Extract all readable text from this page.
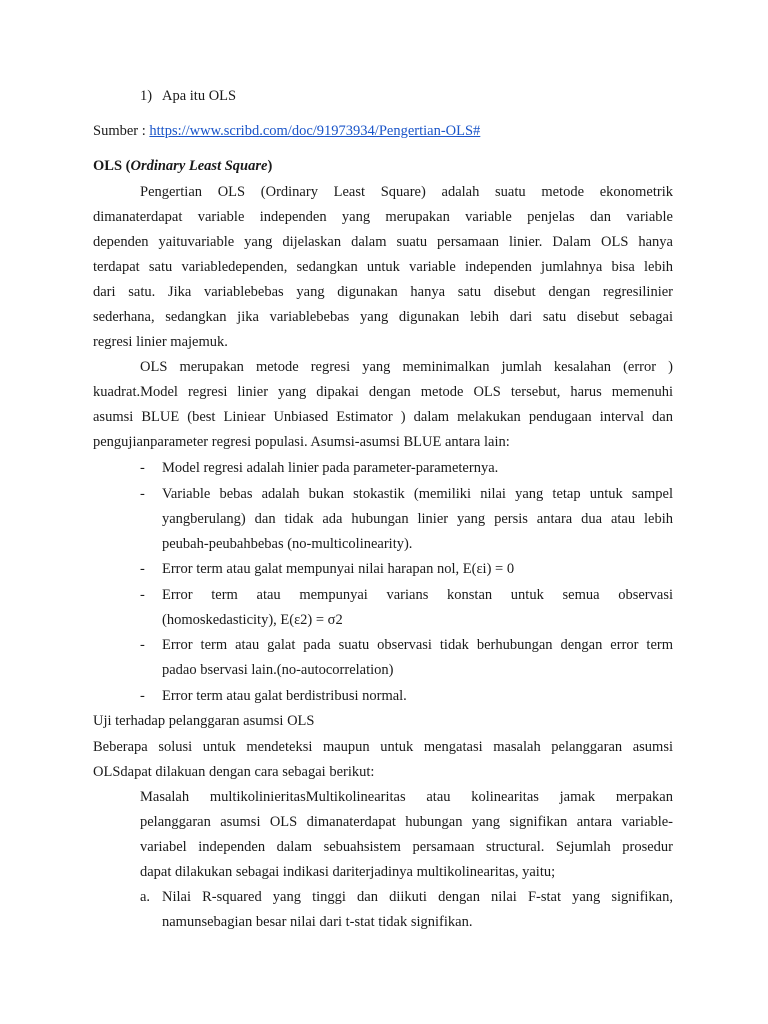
1) Apa itu OLS
Sumber : https://www.scribd.com/doc/91973934/Pengertian-OLS#
OLS (Ordinary Least Square)
Pengertian OLS (Ordinary Least Square) adalah suatu metode ekonometrik
dimanaterdapat variable independen yang merupakan variable penjelas dan variable
dependen yaituvariable yang dijelaskan dalam suatu persamaan linier. Dalam OLS hanya
terdapat satu variabledependen, sedangkan untuk variable independen jumlahnya bisa lebih
dari satu. Jika variablebebas yang digunakan hanya satu disebut dengan regresilinier
sederhana, sedangkan jika variablebebas yang digunakan lebih dari satu disebut sebagai
regresi linier majemuk.
OLS merupakan metode regresi yang meminimalkan jumlah kesalahan (error )
kuadrat.Model regresi linier yang dipakai dengan metode OLS tersebut, harus memenuhi
asumsi BLUE (best Liniear Unbiased Estimator ) dalam melakukan pendugaan interval dan
pengujianparameter regresi populasi. Asumsi-asumsi BLUE antara lain:
- Model regresi adalah linier pada parameter-parameternya.
- Variable bebas adalah bukan stokastik (memiliki nilai yang tetap untuk sampel
yangberulang) dan tidak ada hubungan linier yang persis antara dua atau lebih
peubah-peubahbebas (no-multicolinearity).
- Error term atau galat mempunyai nilai harapan nol, E(εi) = 0
- Error term atau mempunyai varians konstan untuk semua observasi
(homoskedasticity), E(ε2) = σ2
- Error term atau galat pada suatu observasi tidak berhubungan dengan error term
padao bservasi lain.(no-autocorrelation)
- Error term atau galat berdistribusi normal.
Uji terhadap pelanggaran asumsi OLS
Beberapa solusi untuk mendeteksi maupun untuk mengatasi masalah pelanggaran asumsi
OLSdapat dilakuan dengan cara sebagai berikut:
Masalah multikolinieritasMultikolinearitas atau kolinearitas jamak merpakan
pelanggaran asumsi OLS dimanaterdapat hubungan yang signifikan antara variable-
variabel independen dalam sebuahsistem persamaan structural. Sejumlah prosedur
dapat dilakukan sebagai indikasi dariterjadinya multikolinearitas, yaitu;
a. Nilai R-squared yang tinggi dan diikuti dengan nilai F-stat yang signifikan,
namunsebagian besar nilai dari t-stat tidak signifikan.
